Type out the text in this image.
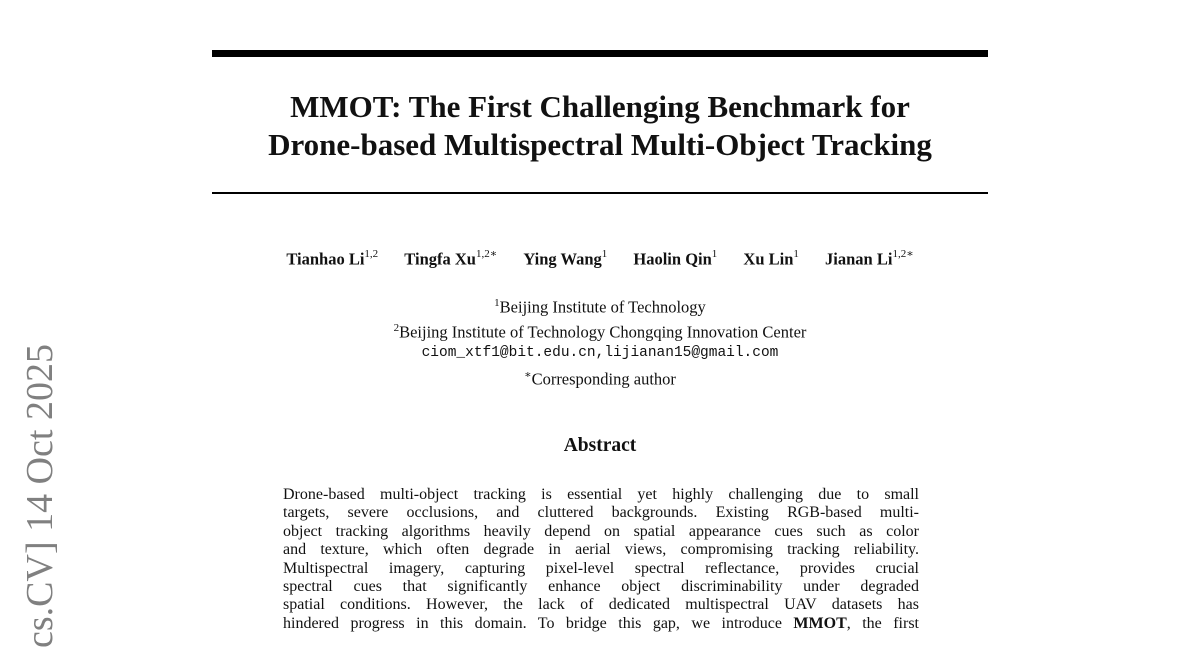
MMOT: The First Challenging Benchmark for
Drone-based Multispectral Multi-Object Tracking
Tianhao Li$^{1,2}$ Tingfa $Xu^{1,2∗}$ Ying Wang$^1$ Haolin Qin$^1$ Xu Lin$^1$ Jianan $Li^{1,2∗}$
$^1$Beijing Institute of Technology
$^2$Beijing Institute of Technology Chongqing Innovation Center
ciom_xtf1@bit.edu.cn,lijianan15@gmail.com
∗Corresponding author
Abstract
Drone-based multi-object tracking is essential yet highly challenging due to small
targets, severe occlusions, and cluttered backgrounds. Existing RGB-based multi-
object tracking algorithms heavily depend on spatial appearance cues such as color
and texture, which often degrade in aerial views, compromising tracking reliability.
Multispectral imagery, capturing pixel-level spectral reflectance, provides crucial
spectral cues that significantly enhance object discriminability under degraded
spatial conditions. However, the lack of dedicated multispectral UAV datasets has
hindered progress in this domain. To bridge this gap, we introduce MMOT, the first
cs.CV] 14 Oct 2025
